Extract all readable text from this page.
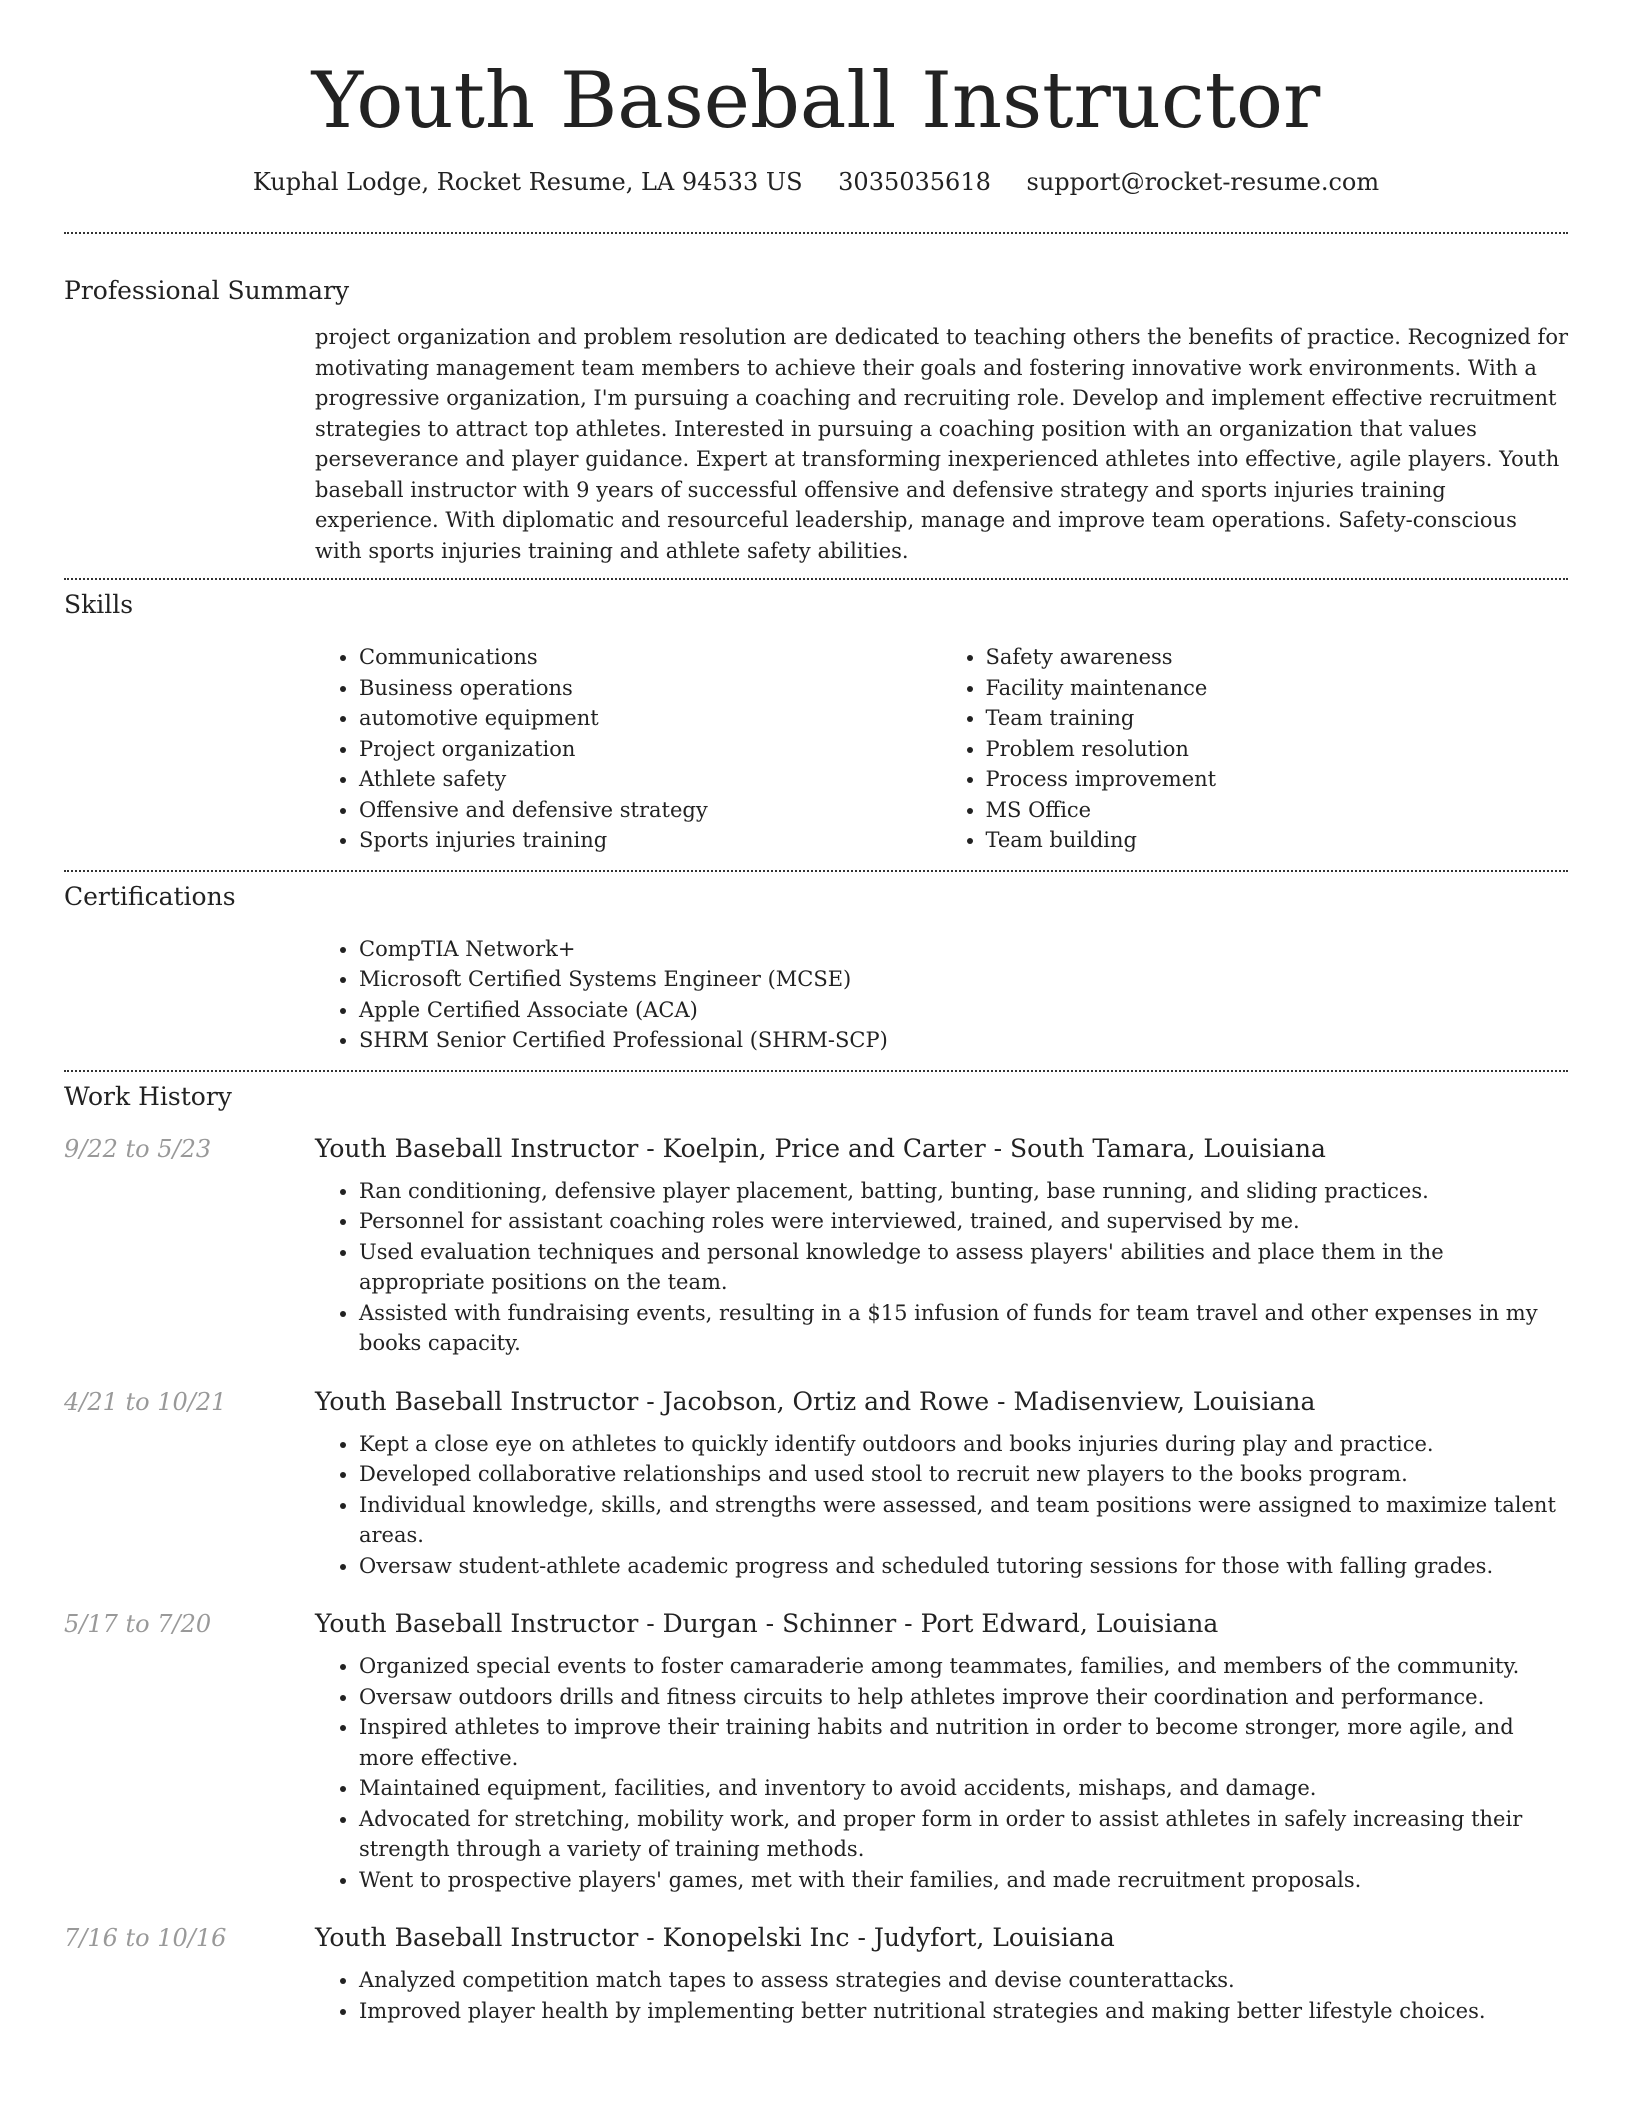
Youth Baseball Instructor
Kuphal Lodge, Rocket Resume, LA 94533 US 3035035618 support@rocket-resume.com
Professional Summary
project organization and problem resolution are dedicated to teaching others the benefits of practice. Recognized for motivating management team members to achieve their goals and fostering innovative work environments. With a progressive organization, I'm pursuing a coaching and recruiting role. Develop and implement effective recruitment strategies to attract top athletes. Interested in pursuing a coaching position with an organization that values perseverance and player guidance. Expert at transforming inexperienced athletes into effective, agile players. Youth baseball instructor with 9 years of successful offensive and defensive strategy and sports injuries training experience. With diplomatic and resourceful leadership, manage and improve team operations. Safety-conscious with sports injuries training and athlete safety abilities.
Skills
• Communications
• Business operations
• automotive equipment
• Project organization
• Athlete safety
• Offensive and defensive strategy
• Sports injuries training
• Safety awareness
• Facility maintenance
• Team training
• Problem resolution
• Process improvement
• MS Office
• Team building
Certifications
• CompTIA Network+
• Microsoft Certified Systems Engineer (MCSE)
• Apple Certified Associate (ACA)
• SHRM Senior Certified Professional (SHRM-SCP)
Work History
9/22 to 5/23	Youth Baseball Instructor - Koelpin, Price and Carter - South Tamara, Louisiana
• Ran conditioning, defensive player placement, batting, bunting, base running, and sliding practices.
• Personnel for assistant coaching roles were interviewed, trained, and supervised by me.
• Used evaluation techniques and personal knowledge to assess players' abilities and place them in the appropriate positions on the team.
• Assisted with fundraising events, resulting in a $15 infusion of funds for team travel and other expenses in my books capacity.
4/21 to 10/21	Youth Baseball Instructor - Jacobson, Ortiz and Rowe - Madisenview, Louisiana
• Kept a close eye on athletes to quickly identify outdoors and books injuries during play and practice.
• Developed collaborative relationships and used stool to recruit new players to the books program.
• Individual knowledge, skills, and strengths were assessed, and team positions were assigned to maximize talent areas.
• Oversaw student-athlete academic progress and scheduled tutoring sessions for those with falling grades.
5/17 to 7/20	Youth Baseball Instructor - Durgan - Schinner - Port Edward, Louisiana
• Organized special events to foster camaraderie among teammates, families, and members of the community.
• Oversaw outdoors drills and fitness circuits to help athletes improve their coordination and performance.
• Inspired athletes to improve their training habits and nutrition in order to become stronger, more agile, and more effective.
• Maintained equipment, facilities, and inventory to avoid accidents, mishaps, and damage.
• Advocated for stretching, mobility work, and proper form in order to assist athletes in safely increasing their strength through a variety of training methods.
• Went to prospective players' games, met with their families, and made recruitment proposals.
7/16 to 10/16	Youth Baseball Instructor - Konopelski Inc - Judyfort, Louisiana
• Analyzed competition match tapes to assess strategies and devise counterattacks.
• Improved player health by implementing better nutritional strategies and making better lifestyle choices.
